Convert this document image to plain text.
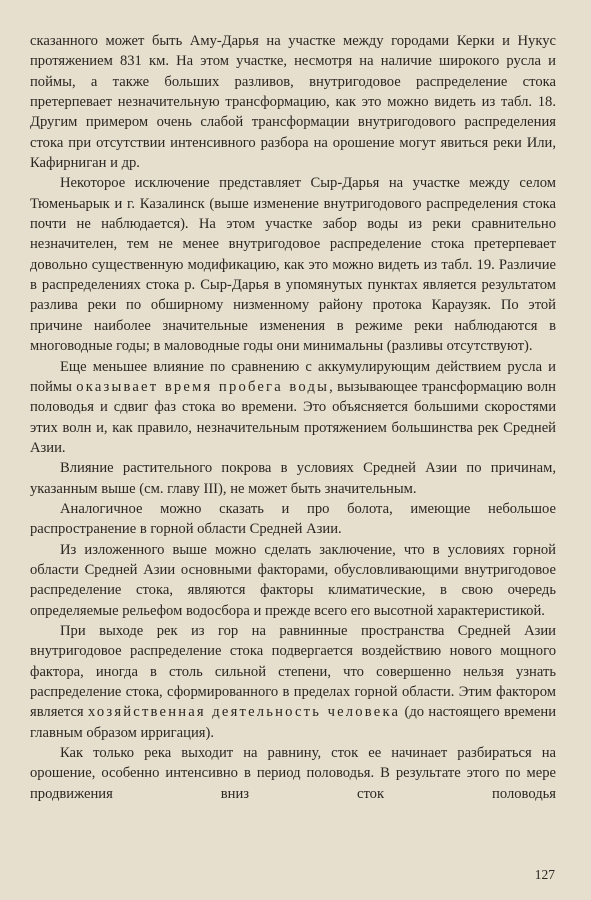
сказанного может быть Аму-Дарья на участке между городами Керки и Нукус протяжением 831 км. На этом участке, несмотря на наличие широкого русла и поймы, а также больших разливов, внутригодовое распределение стока претерпевает незначительную трансформацию, как это можно видеть из табл. 18. Другим примером очень слабой трансформации внутригодового распределения стока при отсутствии интенсивного разбора на орошение могут явиться реки Или, Кафирниган и др.

Некоторое исключение представляет Сыр-Дарья на участке между селом Тюменьарык и г. Казалинск (выше изменение внутригодового распределения стока почти не наблюдается). На этом участке забор воды из реки сравнительно незначителен, тем не менее внутригодовое распределение стока претерпевает довольно существенную модификацию, как это можно видеть из табл. 19. Различие в распределениях стока р. Сыр-Дарья в упомянутых пунктах является результатом разлива реки по обширному низменному району протока Караузяк. По этой причине наиболее значительные изменения в режиме реки наблюдаются в многоводные годы; в маловодные годы они минимальны (разливы отсутствуют).

Еще меньшее влияние по сравнению с аккумулирующим действием русла и поймы оказывает время пробега воды, вызывающее трансформацию волн половодья и сдвиг фаз стока во времени. Это объясняется большими скоростями этих волн и, как правило, незначительным протяжением большинства рек Средней Азии.

Влияние растительного покрова в условиях Средней Азии по причинам, указанным выше (см. главу III), не может быть значительным.

Аналогичное можно сказать и про болота, имеющие небольшое распространение в горной области Средней Азии.

Из изложенного выше можно сделать заключение, что в условиях горной области Средней Азии основными факторами, обусловливающими внутригодовое распределение стока, являются факторы климатические, в свою очередь определяемые рельефом водосбора и прежде всего его высотной характеристикой.

При выходе рек из гор на равнинные пространства Средней Азии внутригодовое распределение стока подвергается воздействию нового мощного фактора, иногда в столь сильной степени, что совершенно нельзя узнать распределение стока, сформированного в пределах горной области. Этим фактором является хозяйственная деятельность человека (до настоящего времени главным образом ирригация).

Как только река выходит на равнину, сток ее начинает разбираться на орошение, особенно интенсивно в период половодья. В результате этого по мере продвижения вниз сток половодья

127
